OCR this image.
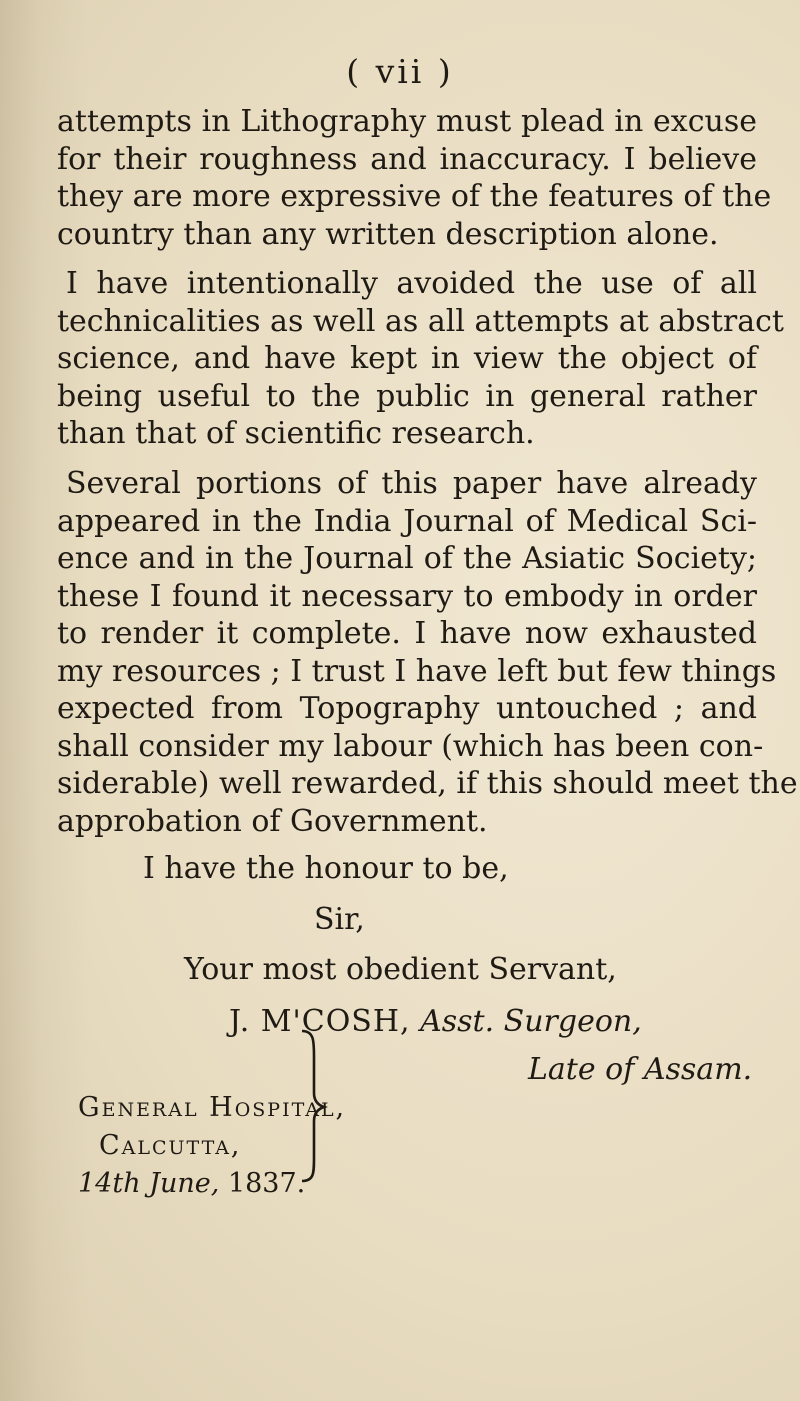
( vii )
attempts in Lithography must plead in excuse
for their roughness and inaccuracy. I believe
they are more expressive of the features of the
country than any written description alone.
I have intentionally avoided the use of all
technicalities as well as all attempts at abstract
science, and have kept in view the object of
being useful to the public in general rather
than that of scientific research.
Several portions of this paper have already
appeared in the India Journal of Medical Sci-
ence and in the Journal of the Asiatic Society;
these I found it necessary to embody in order
to render it complete. I have now exhausted
my resources ; I trust I have left but few things
expected from Topography untouched ; and
shall consider my labour (which has been con-
siderable) well rewarded, if this should meet the
approbation of Government.
I have the honour to be,
Sir,
Your most obedient Servant,
J. M'COSH, Asst. Surgeon,
Late of Assam.
General Hospital,
Calcutta,
14th June, 1837.
